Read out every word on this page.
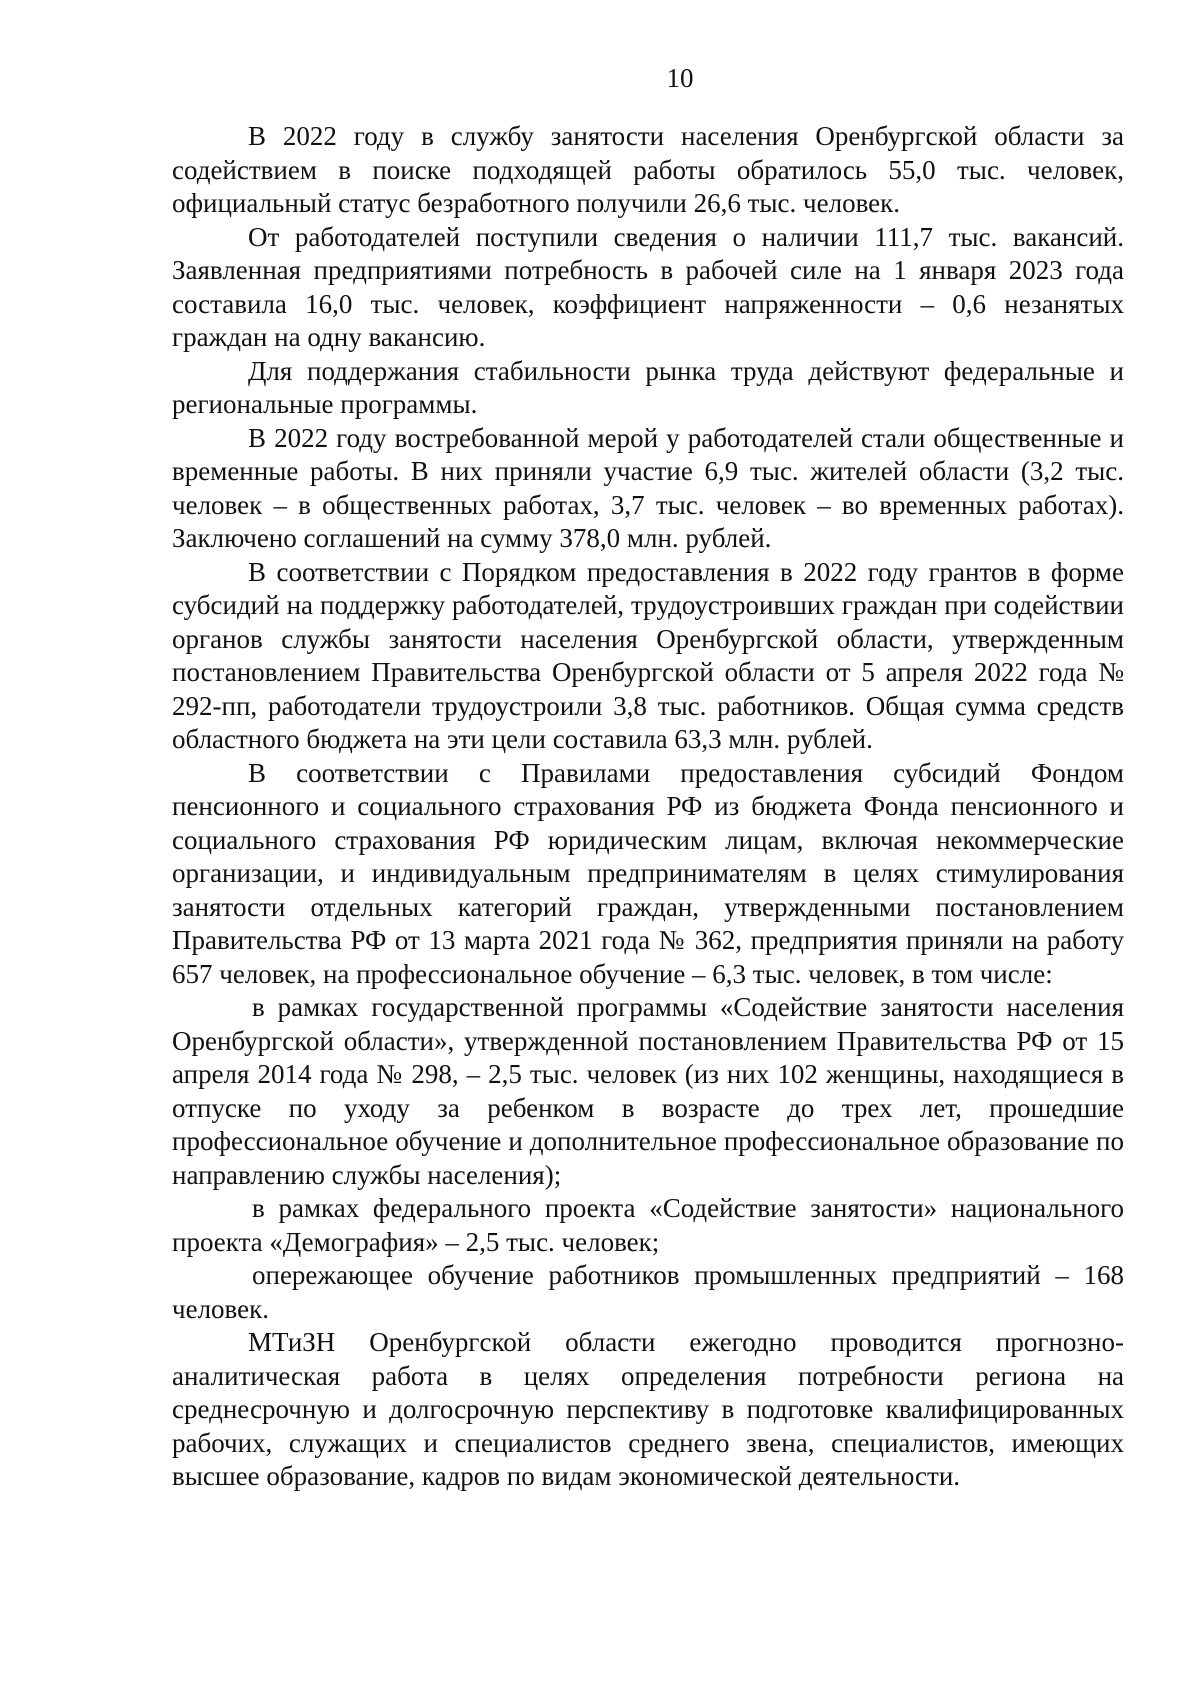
10

В 2022 году в службу занятости населения Оренбургской области за содействием в поиске подходящей работы обратилось 55,0 тыс. человек, официальный статус безработного получили 26,6 тыс. человек.

От работодателей поступили сведения о наличии 111,7 тыс. вакансий. Заявленная предприятиями потребность в рабочей силе на 1 января 2023 года составила 16,0 тыс. человек, коэффициент напряженности – 0,6 незанятых граждан на одну вакансию.

Для поддержания стабильности рынка труда действуют федеральные и региональные программы.

В 2022 году востребованной мерой у работодателей стали общественные и временные работы. В них приняли участие 6,9 тыс. жителей области (3,2 тыс. человек – в общественных работах, 3,7 тыс. человек – во временных работах). Заключено соглашений на сумму 378,0 млн. рублей.

В соответствии с Порядком предоставления в 2022 году грантов в форме субсидий на поддержку работодателей, трудоустроивших граждан при содействии органов службы занятости населения Оренбургской области, утвержденным постановлением Правительства Оренбургской области от 5 апреля 2022 года № 292-пп, работодатели трудоустроили 3,8 тыс. работников. Общая сумма средств областного бюджета на эти цели составила 63,3 млн. рублей.

В соответствии с Правилами предоставления субсидий Фондом пенсионного и социального страхования РФ из бюджета Фонда пенсионного и социального страхования РФ юридическим лицам, включая некоммерческие организации, и индивидуальным предпринимателям в целях стимулирования занятости отдельных категорий граждан, утвержденными постановлением Правительства РФ от 13 марта 2021 года № 362, предприятия приняли на работу 657 человек, на профессиональное обучение – 6,3 тыс. человек, в том числе:

в рамках государственной программы «Содействие занятости населения Оренбургской области», утвержденной постановлением Правительства РФ от 15 апреля 2014 года № 298, – 2,5 тыс. человек (из них 102 женщины, находящиеся в отпуске по уходу за ребенком в возрасте до трех лет, прошедшие профессиональное обучение и дополнительное профессиональное образование по направлению службы населения);

в рамках федерального проекта «Содействие занятости» национального проекта «Демография» – 2,5 тыс. человек;

опережающее обучение работников промышленных предприятий – 168 человек.

МТиЗН Оренбургской области ежегодно проводится прогнозно-аналитическая работа в целях определения потребности региона на среднесрочную и долгосрочную перспективу в подготовке квалифицированных рабочих, служащих и специалистов среднего звена, специалистов, имеющих высшее образование, кадров по видам экономической деятельности.
